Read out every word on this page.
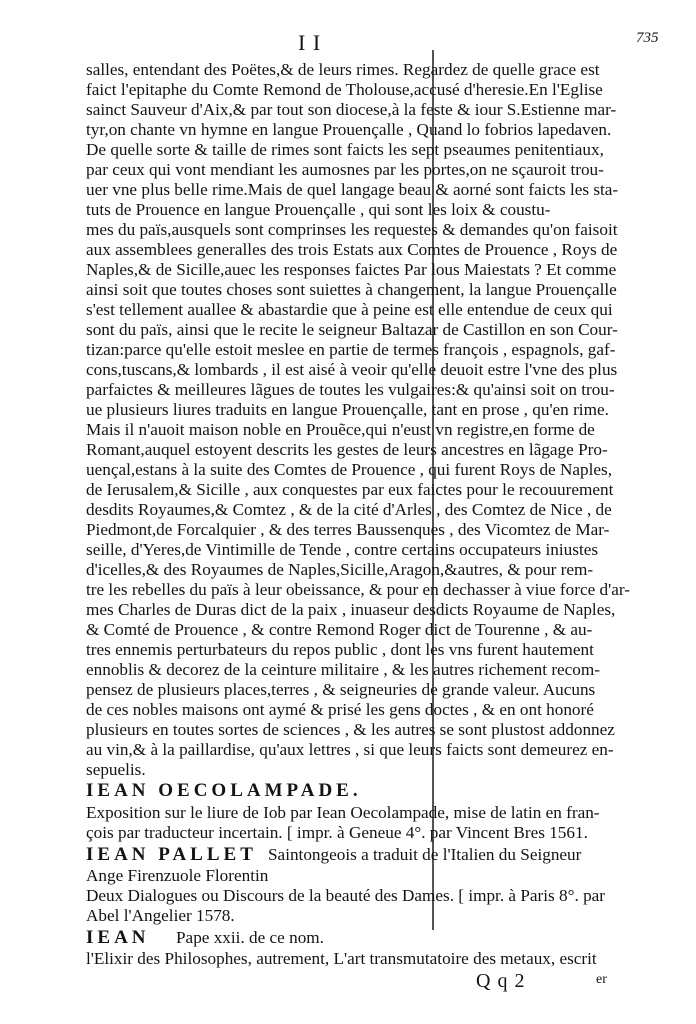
I I	735
salles, entendant des Poëtes,& de leurs rimes. Regardez de quelle grace est
faict l'epitaphe du Comte Remond de Tholouse,accusé d'heresie.En l'Eglise
sainct Sauveur d'Aix,& par tout son diocese,à la feste & iour S.Estienne mar-
tyr,on chante vn hymne en langue Prouençalle , Quand lo fobrios lapedaven.
De quelle sorte & taille de rimes sont faicts les sept pseaumes penitentiaux,
par ceux qui vont mendiant les aumosnes par les portes,on ne sçauroit trou-
uer vne plus belle rime.Mais de quel langage beau & aorné sont faicts les sta-
tuts de Prouence en langue Prouençalle , qui sont les loix & coustu-
mes du païs,ausquels sont comprinses les requestes & demandes qu'on faisoit
aux assemblees generalles des trois Estats aux Comtes de Prouence , Roys de
Naples,& de Sicille,auec les responses faictes Par lous Maiestats ? Et comme
ainsi soit que toutes choses sont suiettes à changement, la langue Prouençalle
s'est tellement auallee & abastardie que à peine est elle entendue de ceux qui
sont du païs, ainsi que le recite le seigneur Baltazar de Castillon en son Cour-
tizan:parce qu'elle estoit meslee en partie de termes françois , espagnols, gaf-
cons,tuscans,& lombards , il est aisé à veoir qu'elle deuoit estre l'vne des plus
parfaictes & meilleures lãgues de toutes les vulgaires:& qu'ainsi soit on trou-
ue plusieurs liures traduits en langue Prouençalle, tant en prose , qu'en rime.
Mais il n'auoit maison noble en Prouẽce,qui n'eust vn registre,en forme de
Romant,auquel estoyent descrits les gestes de leurs ancestres en lãgage Pro-
uençal,estans à la suite des Comtes de Prouence , qui furent Roys de Naples,
de Ierusalem,& Sicille , aux conquestes par eux faictes pour le recouurement
desdits Royaumes,& Comtez , & de la cité d'Arles , des Comtez de Nice , de
Piedmont,de Forcalquier , & des terres Baussenques , des Vicomtez de Mar-
seille, d'Yeres,de Vintimille de Tende , contre certains occupateurs iniustes
d'icelles,& des Royaumes de Naples,Sicille,Aragon,&autres, & pour rem-
tre les rebelles du païs à leur obeissance, & pour en dechasser à viue force d'ar-
mes Charles de Duras dict de la paix , inuaseur desdicts Royaume de Naples,
& Comté de Prouence , & contre Remond Roger dict de Tourenne , & au-
tres ennemis perturbateurs du repos public , dont les vns furent hautement
ennoblis & decorez de la ceinture militaire , & les autres richement recom-
pensez de plusieurs places,terres , & seigneuries de grande valeur. Aucuns
de ces nobles maisons ont aymé & prisé les gens doctes , & en ont honoré
plusieurs en toutes sortes de sciences , & les autres se sont plustost addonnez
au vin,& à la paillardise, qu'aux lettres , si que leurs faicts sont demeurez en-
sepuelis.
IEAN OECOLAMPADE.
Exposition sur le liure de Iob par Iean Oecolampade, mise de latin en fran-
çois par traducteur incertain. [ impr. à Geneue 4°. par Vincent Bres 1561.
IEAN PALLET Saintongeois a traduit de l'Italien du Seigneur
Ange Firenzuole Florentin
Deux Dialogues ou Discours de la beauté des Dames. [ impr. à Paris 8°. par
Abel l'Angelier 1578.
IEAN Pape xxii. de ce nom.
l'Elixir des Philosophes, autrement, L'art transmutatoire des metaux, escrit
Q q 2	er
